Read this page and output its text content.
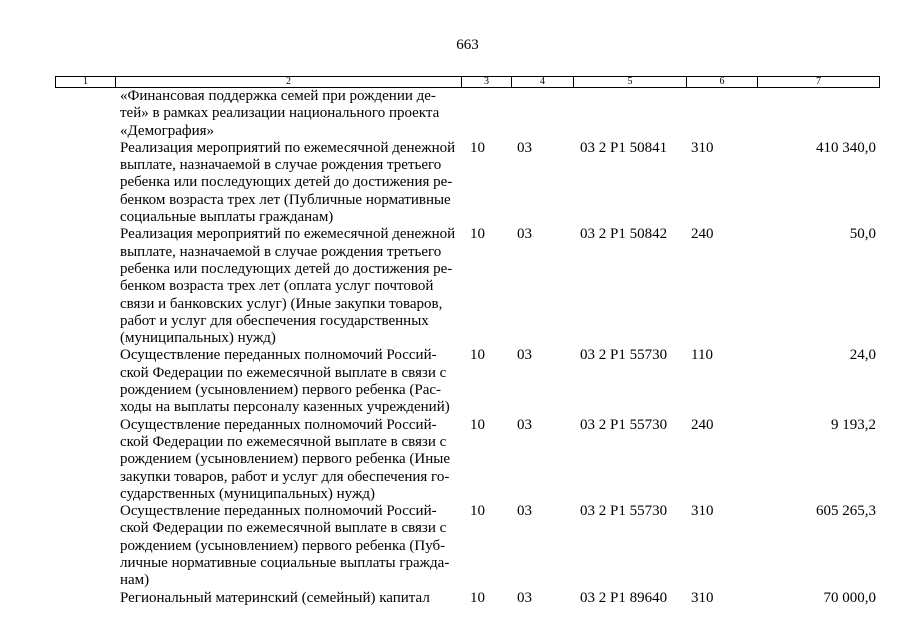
663
1	2	3	4	5	6	7
«Финансовая поддержка семей при рождении де-
тей» в рамках реализации национального проекта
«Демография»
Реализация мероприятий по ежемесячной денежной
выплате, назначаемой в случае рождения третьего
ребенка или последующих детей до достижения ре-
бенком возраста трех лет (Публичные нормативные
социальные выплаты гражданам)
10	03	03 2 Р1 50841	310	410 340,0
Реализация мероприятий по ежемесячной денежной
выплате, назначаемой в случае рождения третьего
ребенка или последующих детей до достижения ре-
бенком возраста трех лет (оплата услуг почтовой
связи и банковских услуг) (Иные закупки товаров,
работ и услуг для обеспечения государственных
(муниципальных) нужд)
10	03	03 2 Р1 50842	240	50,0
Осуществление переданных полномочий Россий-
ской Федерации по ежемесячной выплате в связи с
рождением (усыновлением) первого ребенка (Рас-
ходы на выплаты персоналу казенных учреждений)
10	03	03 2 Р1 55730	110	24,0
Осуществление переданных полномочий Россий-
ской Федерации по ежемесячной выплате в связи с
рождением (усыновлением) первого ребенка (Иные
закупки товаров, работ и услуг для обеспечения го-
сударственных (муниципальных) нужд)
10	03	03 2 Р1 55730	240	9 193,2
Осуществление переданных полномочий Россий-
ской Федерации по ежемесячной выплате в связи с
рождением (усыновлением) первого ребенка (Пуб-
личные нормативные социальные выплаты гражда-
нам)
10	03	03 2 Р1 55730	310	605 265,3
Региональный материнский (семейный) капитал	10	03	03 2 Р1 89640	310	70 000,0
